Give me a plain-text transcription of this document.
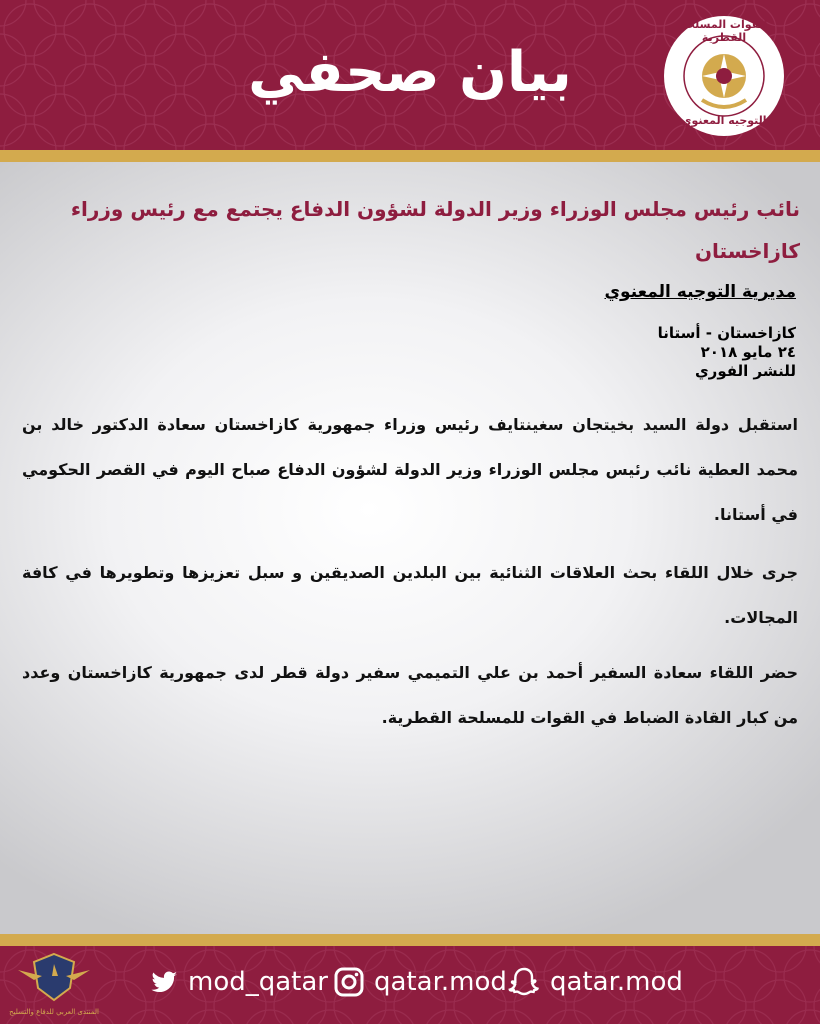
بيان صحفي
القوات المسلحة القطرية
التوجيه المعنوي
نائب رئيس مجلس الوزراء وزير الدولة لشؤون الدفاع يجتمع مع رئيس وزراء كازاخستان
مديرية التوجيه المعنوي
كازاخستان - أستانا
٢٤ مايو ٢٠١٨
للنشر الفوري
استقبل دولة السيد بخيتجان سغينتايف رئيس وزراء جمهورية كازاخستان سعادة الدكتور خالد بن محمد العطية نائب رئيس مجلس الوزراء وزير الدولة لشؤون الدفاع صباح اليوم في القصر الحكومي في أستانا.
جرى خلال اللقاء بحث العلاقات الثنائية بين البلدين الصديقين و سبل تعزيزها وتطويرها في كافة المجالات.
حضر اللقاء سعادة السفير أحمد بن علي التميمي سفير دولة قطر لدى جمهورية كازاخستان وعدد من كبار القادة الضباط في القوات للمسلحة القطرية.
المنتدى العربي للدفاع والتسليح
mod_qatar qatar.mod qatar.mod
